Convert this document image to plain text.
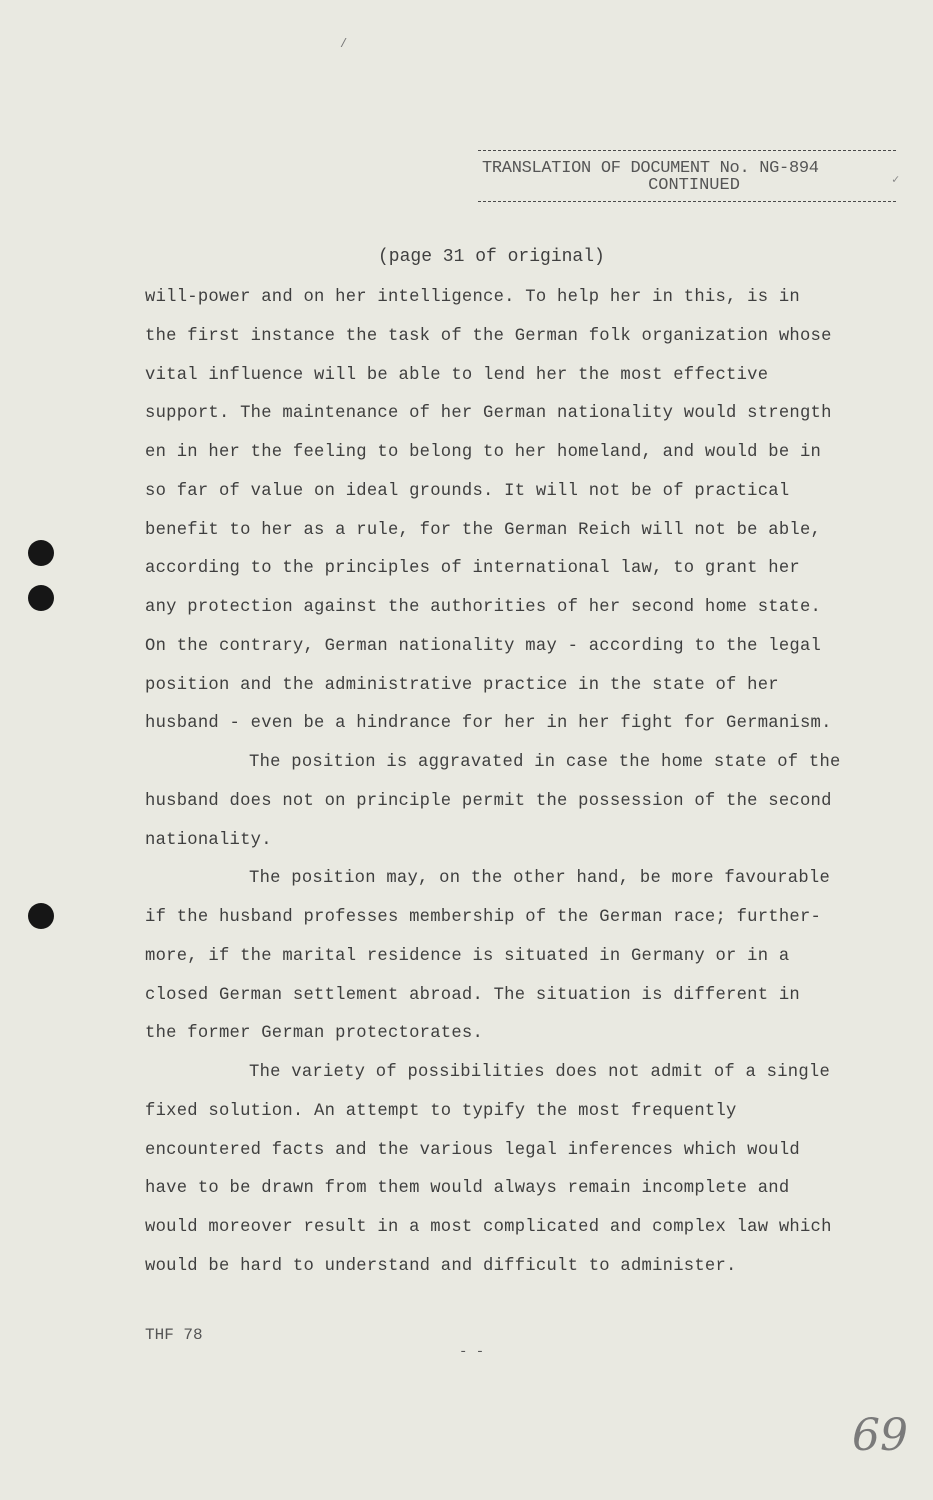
/
✓
TRANSLATION OF DOCUMENT No. NG-894
CONTINUED
(page 31 of original)
will-power and on her intelligence. To help her in this, is in
the first instance the task of the German folk organization whose
vital influence will be able to lend her the most effective
support. The maintenance of her German nationality would strength
en in her the feeling to belong to her homeland, and would be in
so far of value on ideal grounds. It will not be of practical
benefit to her as a rule, for the German Reich will not be able,
according to the principles of international law, to grant her
any protection against the authorities of her second home state.
On the contrary, German nationality may - according to the legal
position and the administrative practice in the state of her
husband - even be a hindrance for her in her fight for Germanism.
The position is aggravated in case the home state of the
husband does not on principle permit the possession of the second
nationality.
The position may, on the other hand, be more favourable
if the husband professes membership of the German race; further-
more, if the marital residence is situated in Germany or in a
closed German settlement abroad. The situation is different in
the former German protectorates.
The variety of possibilities does not admit of a single
fixed solution. An attempt to typify the most frequently
encountered facts and the various legal inferences which would
have to be drawn from them would always remain incomplete and
would moreover result in a most complicated and complex law which
would be hard to understand and difficult to administer.
THF 78
- -
69
